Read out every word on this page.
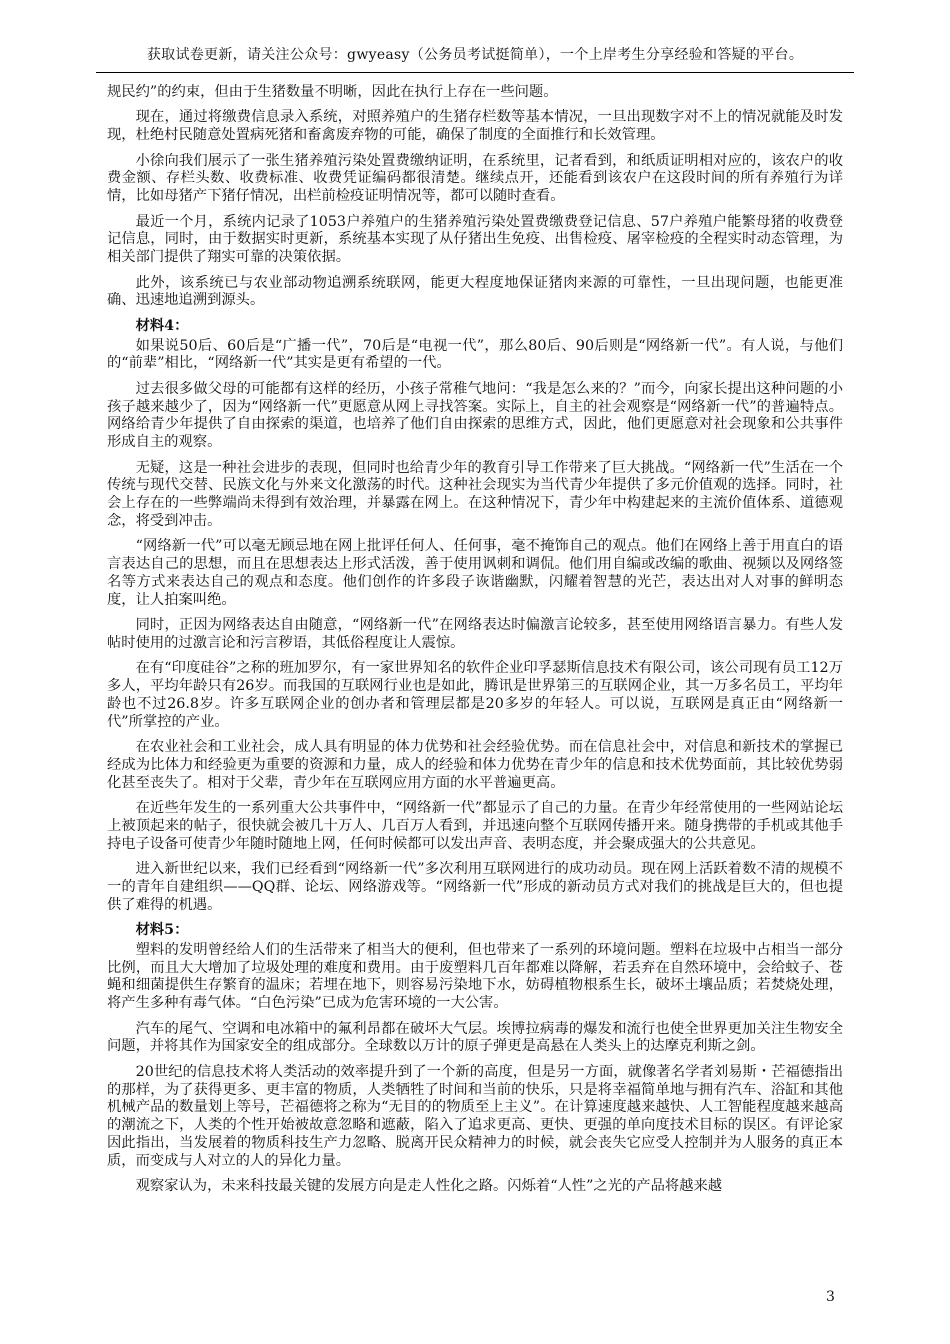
获取试卷更新，请关注公众号：gwyeasy（公务员考试挺简单），一个上岸考生分享经验和答疑的平台。

规民约”的约束，但由于生猪数量不明晰，因此在执行上存在一些问题。

现在，通过将缴费信息录入系统，对照养殖户的生猪存栏数等基本情况，一旦出现数字对不上的情况就能及时发现，杜绝村民随意处置病死猪和畜禽废弃物的可能，确保了制度的全面推行和长效管理。

小徐向我们展示了一张生猪养殖污染处置费缴纳证明，在系统里，记者看到，和纸质证明相对应的，该农户的收费金额、存栏头数、收费标准、收费凭证编码都很清楚。继续点开，还能看到该农户在这段时间的所有养殖行为详情，比如母猪产下猪仔情况，出栏前检疫证明情况等，都可以随时查看。

最近一个月，系统内记录了1053户养殖户的生猪养殖污染处置费缴费登记信息、57户养殖户能繁母猪的收费登记信息，同时，由于数据实时更新，系统基本实现了从仔猪出生免疫、出售检疫、屠宰检疫的全程实时动态管理，为相关部门提供了翔实可靠的决策依据。

此外，该系统已与农业部动物追溯系统联网，能更大程度地保证猪肉来源的可靠性，一旦出现问题，也能更准确、迅速地追溯到源头。

材料4：

如果说50后、60后是“广播一代”，70后是“电视一代”，那么80后、90后则是“网络新一代”。有人说，与他们的“前辈”相比，“网络新一代”其实是更有希望的一代。

过去很多做父母的可能都有这样的经历，小孩子常稚气地问：“我是怎么来的？”而今，向家长提出这种问题的小孩子越来越少了，因为“网络新一代”更愿意从网上寻找答案。实际上，自主的社会观察是“网络新一代”的普遍特点。网络给青少年提供了自由探索的渠道，也培养了他们自由探索的思维方式，因此，他们更愿意对社会现象和公共事件形成自主的观察。

无疑，这是一种社会进步的表现，但同时也给青少年的教育引导工作带来了巨大挑战。“网络新一代”生活在一个传统与现代交替、民族文化与外来文化激荡的时代。这种社会现实为当代青少年提供了多元价值观的选择。同时，社会上存在的一些弊端尚未得到有效治理，并暴露在网上。在这种情况下，青少年中构建起来的主流价值体系、道德观念，将受到冲击。

“网络新一代”可以毫无顾忌地在网上批评任何人、任何事，毫不掩饰自己的观点。他们在网络上善于用直白的语言表达自己的思想，而且在思想表达上形式活泼，善于使用讽刺和调侃。他们用自编或改编的歌曲、视频以及网络签名等方式来表达自己的观点和态度。他们创作的许多段子诙谐幽默，闪耀着智慧的光芒，表达出对人对事的鲜明态度，让人拍案叫绝。

同时，正因为网络表达自由随意，“网络新一代”在网络表达时偏激言论较多，甚至使用网络语言暴力。有些人发帖时使用的过激言论和污言秽语，其低俗程度让人震惊。

在有“印度硅谷”之称的班加罗尔，有一家世界知名的软件企业印孚瑟斯信息技术有限公司，该公司现有员工12万多人，平均年龄只有26岁。而我国的互联网行业也是如此，腾讯是世界第三的互联网企业，其一万多名员工，平均年龄也不过26.8岁。许多互联网企业的创办者和管理层都是20多岁的年轻人。可以说，互联网是真正由“网络新一代”所掌控的产业。

在农业社会和工业社会，成人具有明显的体力优势和社会经验优势。而在信息社会中，对信息和新技术的掌握已经成为比体力和经验更为重要的资源和力量，成人的经验和体力优势在青少年的信息和技术优势面前，其比较优势弱化甚至丧失了。相对于父辈，青少年在互联网应用方面的水平普遍更高。

在近些年发生的一系列重大公共事件中，“网络新一代”都显示了自己的力量。在青少年经常使用的一些网站论坛上被顶起来的帖子，很快就会被几十万人、几百万人看到，并迅速向整个互联网传播开来。随身携带的手机或其他手持电子设备可使青少年随时随地上网，任何时候都可以发出声音、表明态度，并会聚成强大的公共意见。

进入新世纪以来，我们已经看到“网络新一代”多次利用互联网进行的成功动员。现在网上活跃着数不清的规模不一的青年自建组织——QQ群、论坛、网络游戏等。“网络新一代”形成的新动员方式对我们的挑战是巨大的，但也提供了难得的机遇。

材料5：

塑料的发明曾经给人们的生活带来了相当大的便利，但也带来了一系列的环境问题。塑料在垃圾中占相当一部分比例，而且大大增加了垃圾处理的难度和费用。由于废塑料几百年都难以降解，若丢弃在自然环境中，会给蚊子、苍蝇和细菌提供生存繁育的温床；若埋在地下，则容易污染地下水，妨碍植物根系生长，破坏土壤品质；若焚烧处理，将产生多种有毒气体。“白色污染”已成为危害环境的一大公害。

汽车的尾气、空调和电冰箱中的氟利昂都在破坏大气层。埃博拉病毒的爆发和流行也使全世界更加关注生物安全问题，并将其作为国家安全的组成部分。全球数以万计的原子弹更是高悬在人类头上的达摩克利斯之剑。

20世纪的信息技术将人类活动的效率提升到了一个新的高度，但是另一方面，就像著名学者刘易斯・芒福德指出的那样，为了获得更多、更丰富的物质，人类牺牲了时间和当前的快乐，只是将幸福简单地与拥有汽车、浴缸和其他机械产品的数量划上等号，芒福德将之称为“无目的的物质至上主义”。在计算速度越来越快、人工智能程度越来越高的潮流之下，人类的个性开始被故意忽略和遮蔽，陷入了追求更高、更快、更强的单向度技术目标的误区。有评论家因此指出，当发展着的物质科技生产力忽略、脱离开民众精神力的时候，就会丧失它应受人控制并为人服务的真正本质，而变成与人对立的人的异化力量。

观察家认为，未来科技最关键的发展方向是走人性化之路。闪烁着“人性”之光的产品将越来越

3
